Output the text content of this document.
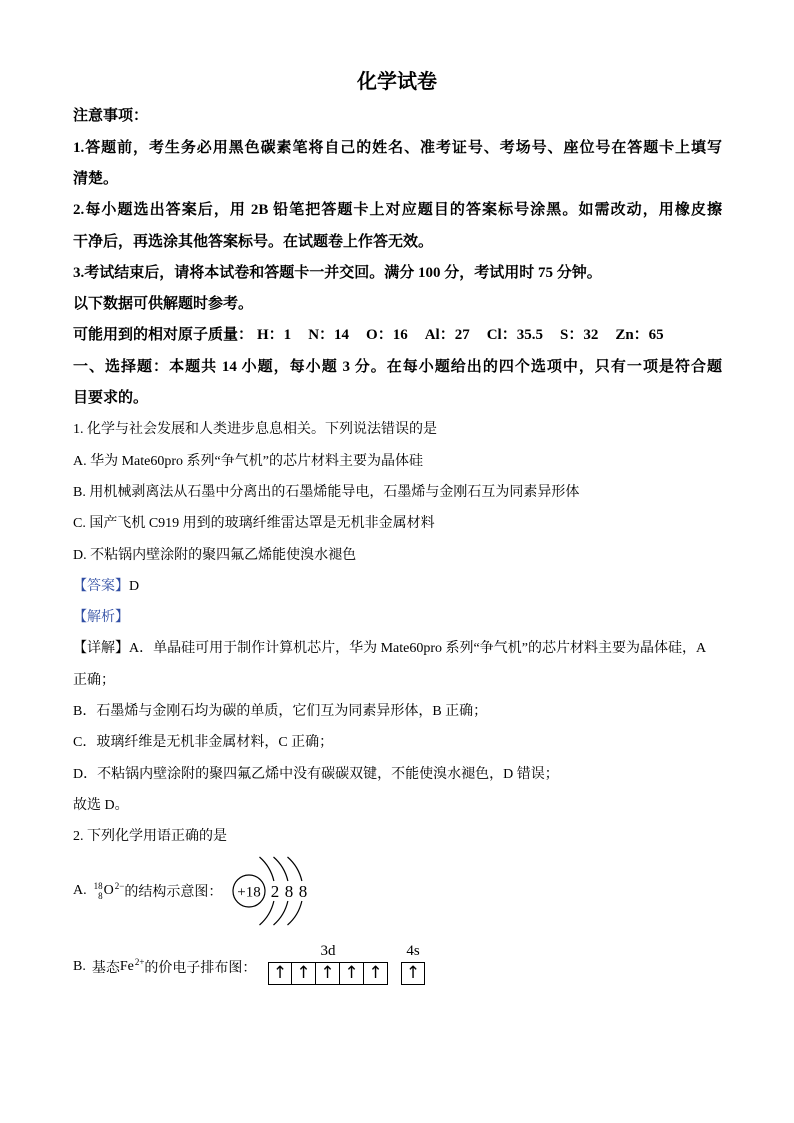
化学试卷
注意事项：
1.答题前，考生务必用黑色碳素笔将自己的姓名、准考证号、考场号、座位号在答题卡上填写
清楚。
2.每小题选出答案后，用 2B 铅笔把答题卡上对应题目的答案标号涂黑。如需改动，用橡皮擦
干净后，再选涂其他答案标号。在试题卷上作答无效。
3.考试结束后，请将本试卷和答题卡一并交回。满分 100 分，考试用时 75 分钟。
以下数据可供解题时参考。
可能用到的相对原子质量： H：1 N：14 O：16 Al：27 Cl：35.5 S：32 Zn：65
一、选择题：本题共 14 小题，每小题 3 分。在每小题给出的四个选项中，只有一项是符合题
目要求的。
1. 化学与社会发展和人类进步息息相关。下列说法错误的是
A. 华为 Mate60pro 系列“争气机”的芯片材料主要为晶体硅
B. 用机械剥离法从石墨中分离出的石墨烯能导电，石墨烯与金刚石互为同素异形体
C. 国产飞机 C919 用到的玻璃纤维雷达罩是无机非金属材料
D. 不粘锅内壁涂附的聚四氟乙烯能使溴水褪色
【答案】D
【解析】
【详解】A．单晶硅可用于制作计算机芯片，华为 Mate60pro 系列“争气机”的芯片材料主要为晶体硅，A
正确；
B．石墨烯与金刚石均为碳的单质，它们互为同素异形体，B 正确；
C．玻璃纤维是无机非金属材料，C 正确；
D．不粘锅内壁涂附的聚四氟乙烯中没有碳碳双键，不能使溴水褪色，D 错误；
故选 D。
2. 下列化学用语正确的是
A. 18
8 O 2− 的结构示意图： +18 2 8 8
B. 基态 Fe 2+ 的价电子排布图：
3d
↑ ↑ ↑ ↑ ↑
4s
↑
